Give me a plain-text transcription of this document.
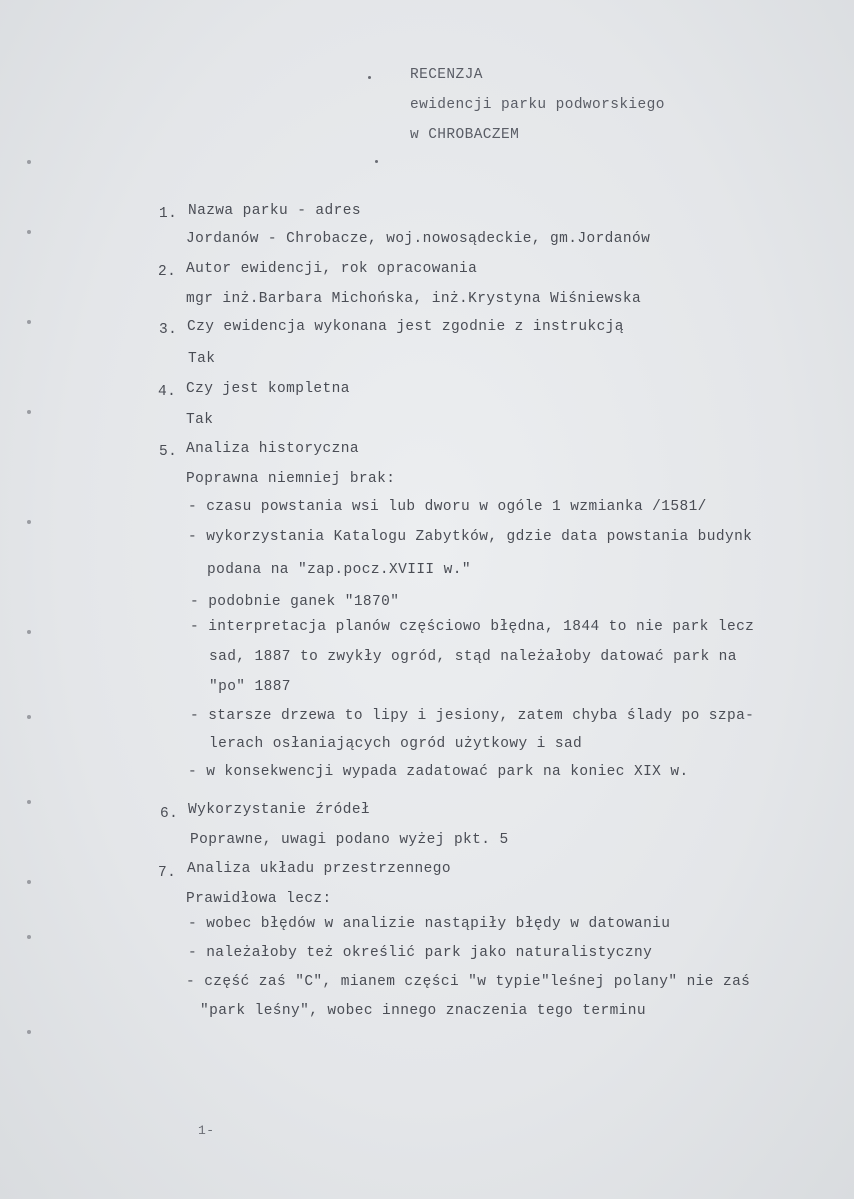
RECENZJA
ewidencji parku podworskiego
w CHROBACZEM
1. Nazwa parku - adres
Jordanów - Chrobacze, woj.nowosądeckie, gm.Jordanów
2. Autor ewidencji, rok opracowania
mgr inż.Barbara Michońska, inż.Krystyna Wiśniewska
3. Czy ewidencja wykonana jest zgodnie z instrukcją
Tak
4. Czy jest kompletna
Tak
5. Analiza historyczna
Poprawna niemniej brak:
- czasu powstania wsi lub dworu w ogóle 1 wzmianka /1581/
- wykorzystania Katalogu Zabytków, gdzie data powstania budynk
podana na "zap.pocz.XVIII w."
- podobnie ganek "1870"
- interpretacja planów częściowo błędna, 1844 to nie park lecz
sad, 1887 to zwykły ogród, stąd należałoby datować park na
"po" 1887
- starsze drzewa to lipy i jesiony, zatem chyba ślady po szpa-
lerach osłaniających ogród użytkowy i sad
- w konsekwencji wypada zadatować park na koniec XIX w.
6. Wykorzystanie źródeł
Poprawne, uwagi podano wyżej pkt. 5
7. Analiza układu przestrzennego
Prawidłowa lecz:
- wobec błędów w analizie nastąpiły błędy w datowaniu
- należałoby też określić park jako naturalistyczny
- część zaś "C", mianem części "w typie"leśnej polany" nie zaś
"park leśny", wobec innego znaczenia tego terminu
1-
